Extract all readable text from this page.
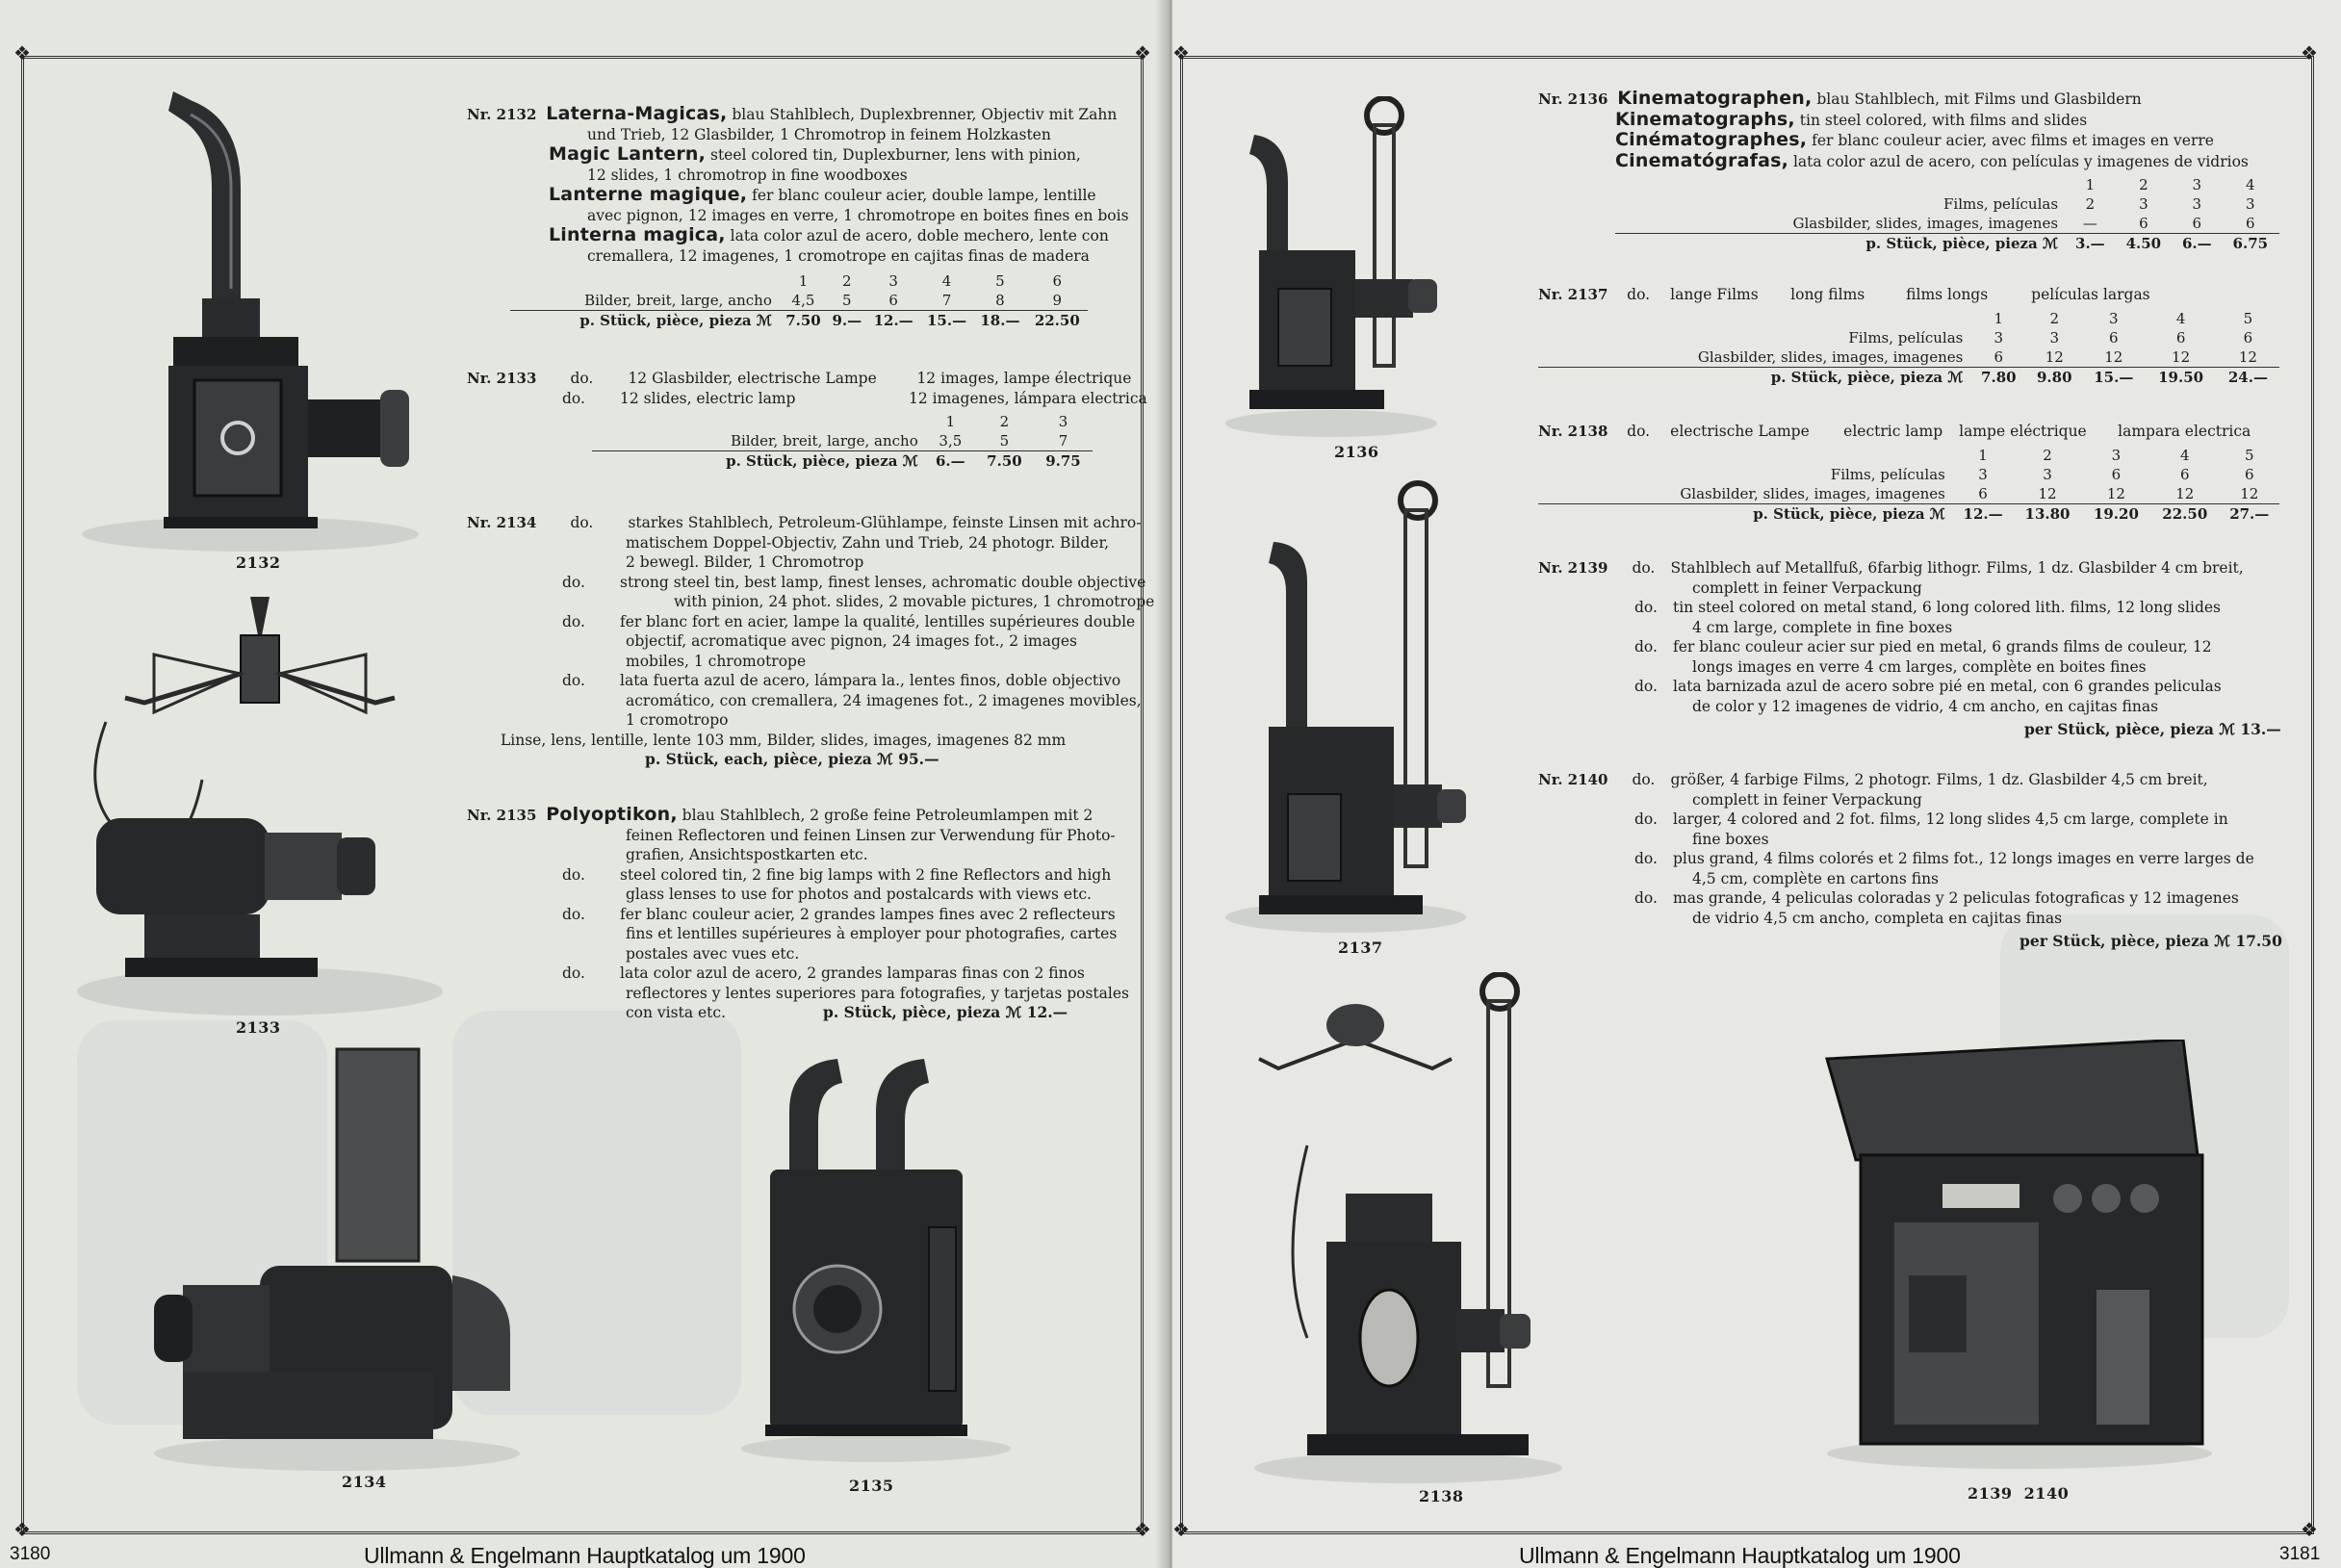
❖	❖
❖	❖
2132
2133
2134	2135
Nr. 2132 Laterna-Magicas, blau Stahlblech, Duplexbrenner, Objectiv mit Zahn
und Trieb, 12 Glasbilder, 1 Chromotrop in feinem Holzkasten
Magic Lantern, steel colored tin, Duplexburner, lens with pinion,
12 slides, 1 chromotrop in fine woodboxes
Lanterne magique, fer blanc couleur acier, double lampe, lentille
avec pignon, 12 images en verre, 1 chromotrope en boites fines en bois
Linterna magica, lata color azul de acero, doble mechero, lente con
cremallera, 12 imagenes, 1 cromotrope en cajitas finas de madera
	1	2	3	4	5	6
Bilder, breit, large, ancho	4,5	5	6	7	8	9
p. Stück, pièce, pieza ℳ	7.50	9.—	12.—	15.—	18.—	22.50
Nr. 2133 do. 12 Glasbilder, electrische Lampe	12 images, lampe électrique
do. 12 slides, electric lamp	12 imagenes, lámpara electrica
	1	2	3
Bilder, breit, large, ancho	3,5	5	7
p. Stück, pièce, pieza ℳ	6.—	7.50	9.75
Nr. 2134 do. starkes Stahlblech, Petroleum-Glühlampe, feinste Linsen mit achro-
matischem Doppel-Objectiv, Zahn und Trieb, 24 photogr. Bilder,
2 bewegl. Bilder, 1 Chromotrop
do. strong steel tin, best lamp, finest lenses, achromatic double objective
with pinion, 24 phot. slides, 2 movable pictures, 1 chromotrope
do. fer blanc fort en acier, lampe la qualité, lentilles supérieures double
objectif, acromatique avec pignon, 24 images fot., 2 images
mobiles, 1 chromotrope
do. lata fuerta azul de acero, lámpara la., lentes finos, doble objectivo
acromático, con cremallera, 24 imagenes fot., 2 imagenes movibles,
1 cromotropo
Linse, lens, lentille, lente 103 mm, Bilder, slides, images, imagenes 82 mm
p. Stück, each, pièce, pieza ℳ 95.—
Nr. 2135 Polyoptikon, blau Stahlblech, 2 große feine Petroleumlampen mit 2
feinen Reflectoren und feinen Linsen zur Verwendung für Photo-
grafien, Ansichtspostkarten etc.
do. steel colored tin, 2 fine big lamps with 2 fine Reflectors and high
glass lenses to use for photos and postalcards with views etc.
do. fer blanc couleur acier, 2 grandes lampes fines avec 2 reflecteurs
fins et lentilles supérieures à employer pour photografies, cartes
postales avec vues etc.
do. lata color azul de acero, 2 grandes lamparas finas con 2 finos
reflectores y lentes superiores para fotografies, y tarjetas postales
con vista etc.	p. Stück, pièce, pieza ℳ 12.—
3180	Ullmann & Engelmann Hauptkatalog um 1900
❖	❖
❖	❖
2136
2137
2138	2139  2140
Nr. 2136 Kinematographen, blau Stahlblech, mit Films und Glasbildern
Kinematographs, tin steel colored, with films and slides
Cinématographes, fer blanc couleur acier, avec films et images en verre
Cinematógrafas, lata color azul de acero, con películas y imagenes de vidrios
	1	2	3	4
Films, películas	2	3	3	3
Glasbilder, slides, images, imagenes	—	6	6	6
p. Stück, pièce, pieza ℳ	3.—	4.50	6.—	6.75
Nr. 2137 do. lange Films long films	films longs	películas largas
	1	2	3	4	5
Films, películas	3	3	6	6	6
Glasbilder, slides, images, imagenes	6	12	12	12	12
p. Stück, pièce, pieza ℳ	7.80	9.80	15.—	19.50	24.—
Nr. 2138 do. electrische Lampe electric lamp lampe eléctrique lampara electrica
	1	2	3	4	5
Films, películas	3	3	6	6	6
Glasbilder, slides, images, imagenes	6	12	12	12	12
p. Stück, pièce, pieza ℳ	12.—	13.80	19.20	22.50	27.—
Nr. 2139 do. Stahlblech auf Metallfuß, 6farbig lithogr. Films, 1 dz. Glasbilder 4 cm breit,
complett in feiner Verpackung
do. tin steel colored on metal stand, 6 long colored lith. films, 12 long slides
4 cm large, complete in fine boxes
do. fer blanc couleur acier sur pied en metal, 6 grands films de couleur, 12
longs images en verre 4 cm larges, complète en boites fines
do. lata barnizada azul de acero sobre pié en metal, con 6 grandes peliculas
de color y 12 imagenes de vidrio, 4 cm ancho, en cajitas finas
per Stück, pièce, pieza ℳ 13.—
Nr. 2140 do. größer, 4 farbige Films, 2 photogr. Films, 1 dz. Glasbilder 4,5 cm breit,
complett in feiner Verpackung
do. larger, 4 colored and 2 fot. films, 12 long slides 4,5 cm large, complete in
fine boxes
do. plus grand, 4 films colorés et 2 films fot., 12 longs images en verre larges de
4,5 cm, complète en cartons fins
do. mas grande, 4 peliculas coloradas y 2 peliculas fotograficas y 12 imagenes
de vidrio 4,5 cm ancho, completa en cajitas finas
per Stück, pièce, pieza ℳ 17.50
3181
Ullmann & Engelmann Hauptkatalog um 1900
